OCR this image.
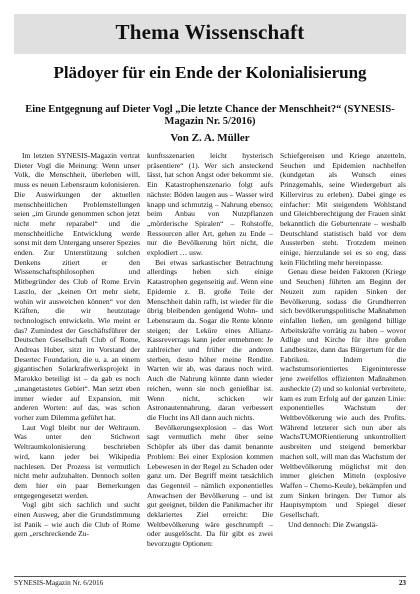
Thema Wissenschaft
Plädoyer für ein Ende der Kolonialisierung
Eine Entgegnung auf Dieter Vogl „Die letzte Chance der Menschheit?“ (SYNESIS-Magazin Nr. 5/2016)
Von Z. A. Müller

Im letzten SYNESIS-Magazin vertrat Dieter Vogl die Meinung: Wenn unser Volk, die Menschheit, überleben will, muss es neuen Lebensraum kolonisieren. Die Auswirkungen der aktuellen menschheitlichen Problemstellungen seien „im Grunde genommen schon jetzt nicht mehr reparabel“ und die menschheitliche Entwicklung werde sonst mit dem Untergang unserer Spezies enden. Zur Unterstützung solchen Denkens zitiert er den Wissenschaftsphilosophen und Mitbegründer des Club of Rome Ervin Laszlo, der „keinen Ort mehr sieht, wohin wir ausweichen können“ vor den Kräften, die wir heutzutage technologisch entwickeln. Wie meint er das? Zumindest der Geschäftsführer der Deutschen Gesellschaft Club of Rome, Andreas Huber, sitzt im Vorstand der Desertec Foundation, die u. a. an einem gigantischen Solarkraftwerksprojekt in Marokko beteiligt ist – da gab es noch „unangetastetes Gebiet“. Man setzt eben immer wieder auf Expansion, mit anderen Worten: auf das, was schon vorher zum Dilemma geführt hat.

Laut Vogl bleibt nur der Weltraum. Was unter den Stichwort Weltraumkolonisierung beschrieben wird, kann jeder bei Wikipedia nachlesen. Der Prozess ist vermutlich nicht mehr aufzuhalten. Dennoch sollen dem hier ein paar Bemerkungen entgegengesetzt werden.

Vogl gibt sich sachlich und sucht einen Ausweg, aber die Grundstimmung ist Panik – wie auch die Club of Rome gern „erschreckende Zu-

kunftsszenarien leicht hysterisch präsentiere“ (1). Wer sich ansteckend lässt, hat schon Angst oder bekommt sie. Ein Katastrophenszenario folgt aufs nächste: Böden laugen aus – Wasser wird knapp und schmutzig – Nahrung ebenso; beim Anbau von Nutzpflanzen „mörderische Spiralen“ – Rohstoffe, Ressourcen aller Art, gehen zu Ende – nur die Bevölkerung hört nicht, die explodiert … usw.

Bei etwas sarkastischer Betrachtung allerdings heben sich einige Katastrophen gegenseitig auf. Wenn eine Epidemie z. B. große Teile der Menschheit dahin rafft, ist wieder für die übrig bleibenden genügend Wohn- und Lebensraum da. Sogar die Rente könnte steigen; der Leküre eines Allianz-Kassreverrags kann jeder entnehmen: Je zahlreicher und früher die anderen sterben, desto höher meine Rendite. Warten wir ab, was daraus noch wird. Auch die Nahrung könnte dann wieder reichen, wenn sie noch genießbar ist. Wenn nicht, schicken wir Astronautennahrung, daran verbessert die Flucht ins All dann auch nichts.

Bevölkerungsexplosion – das Wort sagt vermutlich mehr über seine Schöpfer als über das damit benannte Problem: Bei einer Explosion kommen Lebewesen in der Regel zu Schaden oder ganz um. Der Begriff meint tatsächlich das Gegenteil – nämlich exponentielles Anwachsen der Bevölkerung – und ist gut geeignet, bilden die Panikmacher ihr deklariertes Ziel erreicht: Die Weltbevölkerung wäre geschrumpft – oder ausgelöscht. Da für gibt es zwei bevorzugte Optionen:

Schiefgereisen und Kriege anzetteln, Seuchen und Epidemien nachhelfen (kundgetan als Wunsch eines Prinzgemahls, seine Wiedergeburt als Killervirus zu erleben). Dabei ginge es einfacher: Mit steigendem Wohlstand und Gleichberechtigung der Frauen sinkt bekanntlich die Geburtenrate – weshalb Deutschland statistisch bald vor dem Aussterben steht. Trotzdem meinen einige, hierzulande sei es so eng, dass kein Flüchtling mehr hereinpasse.

Genau diese beiden Faktoren (Kriege und Seuchen) führten am Beginn der Neuzeit zum rapiden Sinken der Bevölkerung, sodass die Grundherren sich bevölkerungspolitische Maßnahmen einfallen ließen, um genügend billige Arbeitskräfte vorrätig zu haben – wovor Adlige und Kirche für ihre großen Landbesitze, dann das Bürgertum für die Fabriken. Indem die wachstumsorientiertes Eigeninteresse jene zweifellos effizienten Maßnahmen ausheckte (2) und so kolonial verbreitete, kam es zum Erfolg auf der ganzen Linie: exponentielles Wachstum der Weltbevölkerung wie auch des Profits. Während letzterer sich nun aber als WachsTUMORientierung unkontrolliert ausbreiten und steigend bemerkbar machen soll, will man das Wachstum der Weltbevölkerung möglichst mit den immer gleichen Mitteln (explosive Waffen – Chemo-Keule), bekämpfen und zum Sinken bringen. Der Tumor als Hauptsymptom und Spiegel dieser Gesellschaft.

Und dennoch: Die Zwangslä-

SYNESIS-Magazin Nr. 6/2016	23
